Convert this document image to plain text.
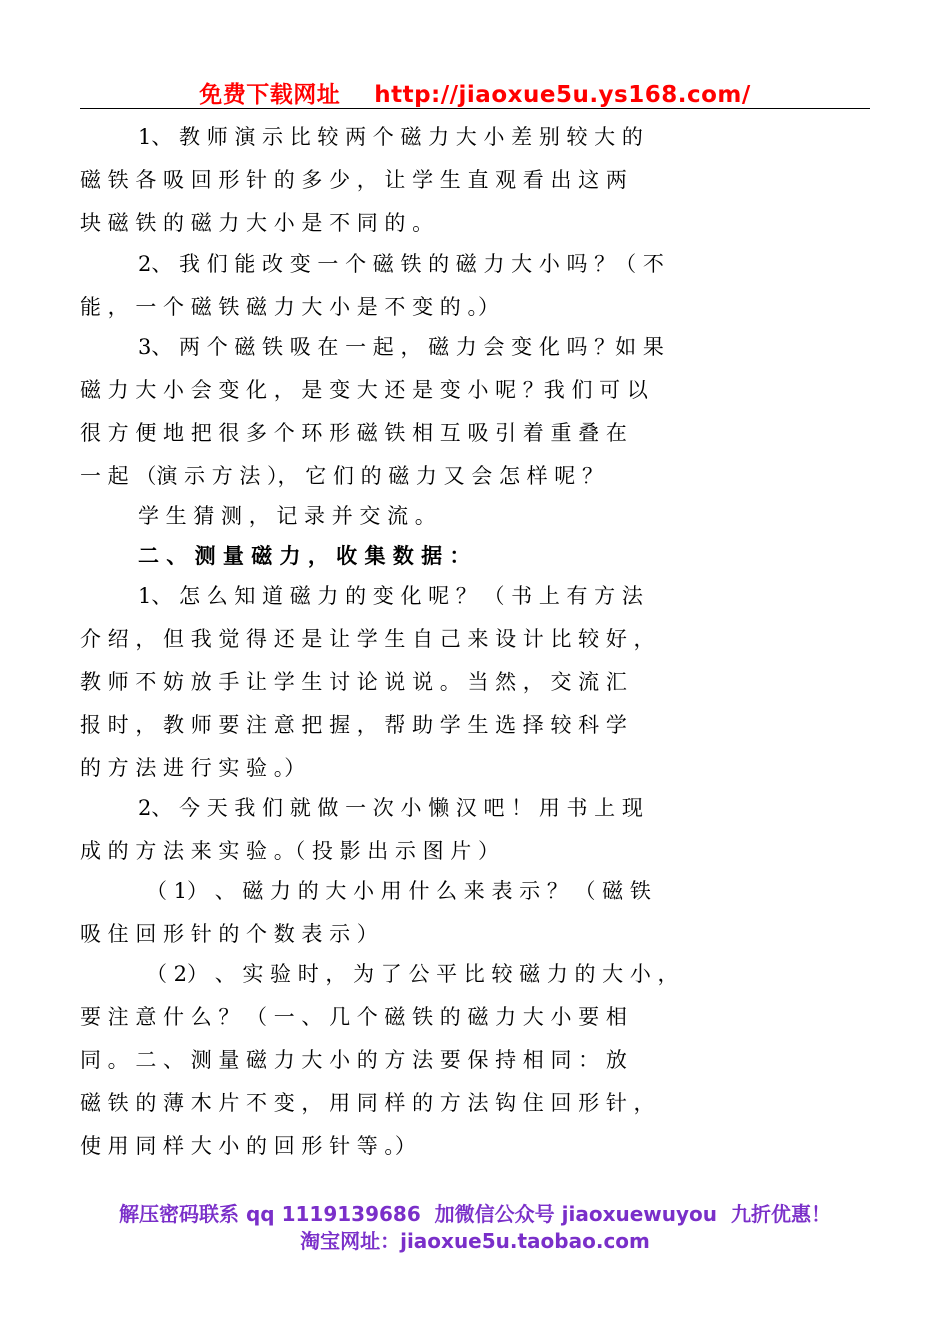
免费下载网址    http://jiaoxue5u.ys168.com/
1、 教 师 演 示 比 较 两 个 磁 力 大 小 差 别 较 大 的
磁 铁 各 吸 回 形 针 的 多 少 ， 让 学 生 直 观 看 出 这 两
块 磁 铁 的 磁 力 大 小 是 不 同 的 。
2、 我 们 能 改 变 一 个 磁 铁 的 磁 力 大 小 吗 ？（ 不
能 ， 一 个 磁 铁 磁 力 大 小 是 不 变 的 。）
3、 两 个 磁 铁 吸 在 一 起 ， 磁 力 会 变 化 吗 ？如 果
磁 力 大 小 会 变 化 ， 是 变 大 还 是 变 小 呢 ？我 们 可 以
很 方 便 地 把 很 多 个 环 形 磁 铁 相 互 吸 引 着 重 叠 在
一 起 （演 示 方 法 ）， 它 们 的 磁 力 又 会 怎 样 呢 ？
学 生 猜 测 ， 记 录 并 交 流 。
二 、 测 量 磁 力 ， 收 集 数 据 ：
1、 怎 么 知 道 磁 力 的 变 化 呢 ？ （ 书 上 有 方 法
介 绍 ， 但 我 觉 得 还 是 让 学 生 自 己 来 设 计 比 较 好 ，
教 师 不 妨 放 手 让 学 生 讨 论 说 说 。 当 然 ， 交 流 汇
报 时 ， 教 师 要 注 意 把 握 ， 帮 助 学 生 选 择 较 科 学
的 方 法 进 行 实 验 。）
2、 今 天 我 们 就 做 一 次 小 懒 汉 吧 ！ 用 书 上 现
成 的 方 法 来 实 验 。（ 投 影 出 示 图 片 ）
（ 1） 、 磁 力 的 大 小 用 什 么 来 表 示 ？ （ 磁 铁
吸 住 回 形 针 的 个 数 表 示 ）
（ 2） 、 实 验 时 ， 为 了 公 平 比 较 磁 力 的 大 小 ，
要 注 意 什 么 ？ （ 一 、 几 个 磁 铁 的 磁 力 大 小 要 相
同 。 二 、 测 量 磁 力 大 小 的 方 法 要 保 持 相 同 ： 放
磁 铁 的 薄 木 片 不 变 ， 用 同 样 的 方 法 钩 住 回 形 针 ，
使 用 同 样 大 小 的 回 形 针 等 。）
解压密码联系 qq 1119139686  加微信公众号 jiaoxuewuyou  九折优惠！
淘宝网址：jiaoxue5u.taobao.com
